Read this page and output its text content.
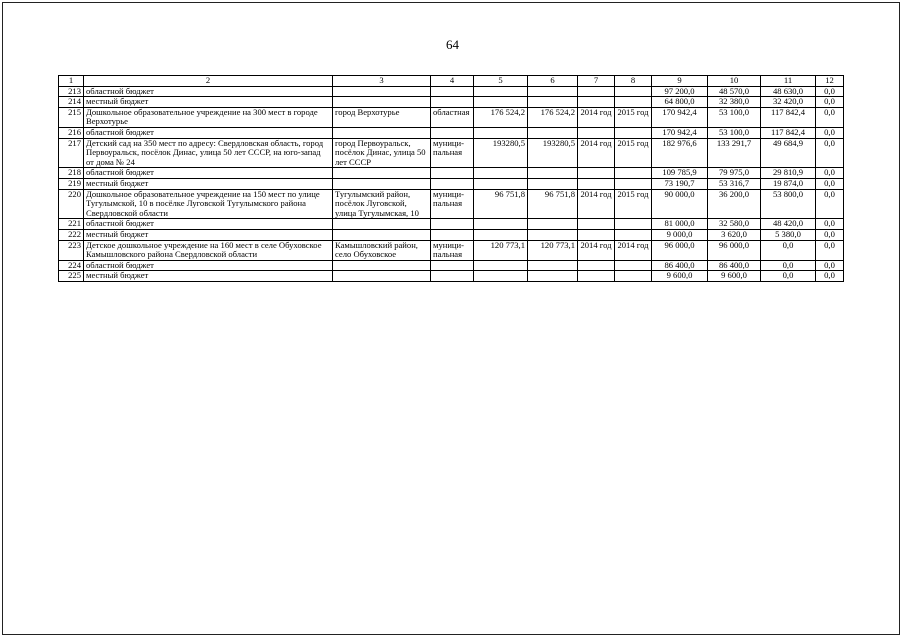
64
1	2	3	4	5	6	7	8	9	10	11	12
213	областной бюджет							97 200,0	48 570,0	48 630,0	0,0
214	местный бюджет							64 800,0	32 380,0	32 420,0	0,0
215	Дошкольное образовательное учреждение на 300 мест в городе Верхотурье	город Верхотурье	областная	176 524,2	176 524,2	2014 год	2015 год	170 942,4	53 100,0	117 842,4	0,0
216	областной бюджет							170 942,4	53 100,0	117 842,4	0,0
217	Детский сад на 350 мест по адресу: Свердловская область, город Первоуральск, посёлок Динас, улица 50 лет СССР, на юго-запад от дома № 24	город Первоуральск, посёлок Динас, улица 50 лет СССР	муници-пальная	193280,5	193280,5	2014 год	2015 год	182 976,6	133 291,7	49 684,9	0,0
218	областной бюджет							109 785,9	79 975,0	29 810,9	0,0
219	местный бюджет							73 190,7	53 316,7	19 874,0	0,0
220	Дошкольное образовательное учреждение на 150 мест по улице Тугулымской, 10 в посёлке Луговской Тугулымского района Свердловской области	Тугулымский район, посёлок Луговской, улица Тугулымская, 10	муници-пальная	96 751,8	96 751,8	2014 год	2015 год	90 000,0	36 200,0	53 800,0	0,0
221	областной бюджет							81 000,0	32 580,0	48 420,0	0,0
222	местный бюджет							9 000,0	3 620,0	5 380,0	0,0
223	Детское дошкольное учреждение на 160 мест в селе Обуховское Камышловского района Свердловской области	Камышловский район, село Обуховское	муници-пальная	120 773,1	120 773,1	2014 год	2014 год	96 000,0	96 000,0	0,0	0,0
224	областной бюджет							86 400,0	86 400,0	0,0	0,0
225	местный бюджет							9 600,0	9 600,0	0,0	0,0
